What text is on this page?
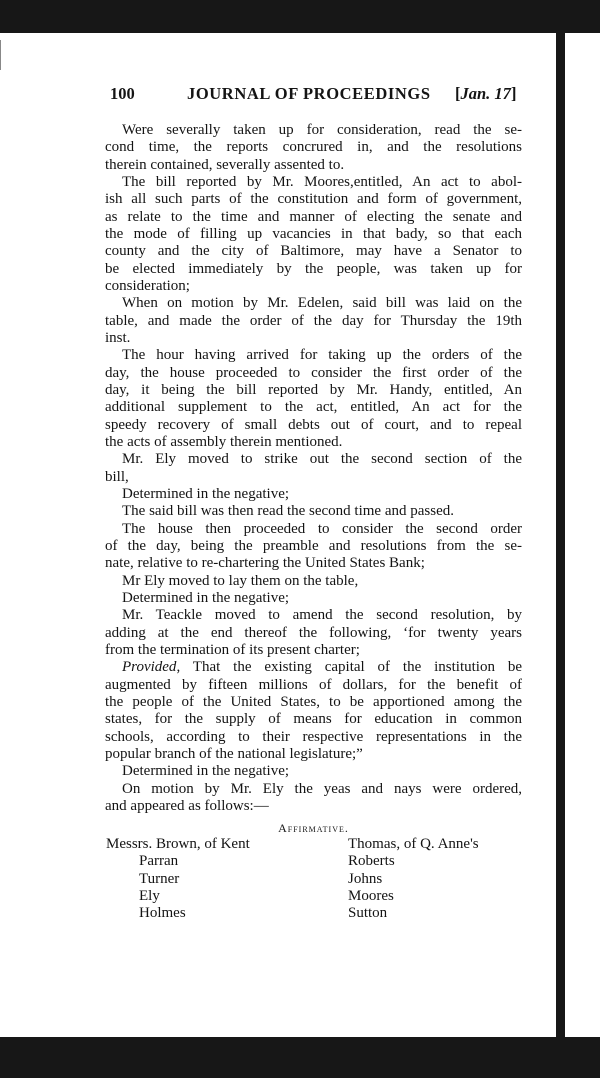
100	JOURNAL OF PROCEEDINGS [Jan. 17]
Were severally taken up for consideration, read the se-
cond time, the reports concrured in, and the resolutions
therein contained, severally assented to.
The bill reported by Mr. Moores,entitled, An act to abol-
ish all such parts of the constitution and form of government,
as relate to the time and manner of electing the senate and
the mode of filling up vacancies in that bady, so that each
county and the city of Baltimore, may have a Senator to
be elected immediately by the people, was taken up for
consideration;
When on motion by Mr. Edelen, said bill was laid on the
table, and made the order of the day for Thursday the 19th
inst.
The hour having arrived for taking up the orders of the
day, the house proceeded to consider the first order of the
day, it being the bill reported by Mr. Handy, entitled, An
additional supplement to the act, entitled, An act for the
speedy recovery of small debts out of court, and to repeal
the acts of assembly therein mentioned.
Mr. Ely moved to strike out the second section of the
bill,
Determined in the negative;
The said bill was then read the second time and passed.
The house then proceeded to consider the second order
of the day, being the preamble and resolutions from the se-
nate, relative to re-chartering the United States Bank;
Mr Ely moved to lay them on the table,
Determined in the negative;
Mr. Teackle moved to amend the second resolution, by
adding at the end thereof the following, ‘for twenty years
from the termination of its present charter;
Provided, That the existing capital of the institution be
augmented by fifteen millions of dollars, for the benefit of
the people of the United States, to be apportioned among the
states, for the supply of means for education in common
schools, according to their respective representations in the
popular branch of the national legislature;”
Determined in the negative;
On motion by Mr. Ely the yeas and nays were ordered,
and appeared as follows:—
Affirmative.
Messrs. Brown, of Kent
Parran
Turner
Ely
Holmes
Thomas, of Q. Anne's
Roberts
Johns
Moores
Sutton
